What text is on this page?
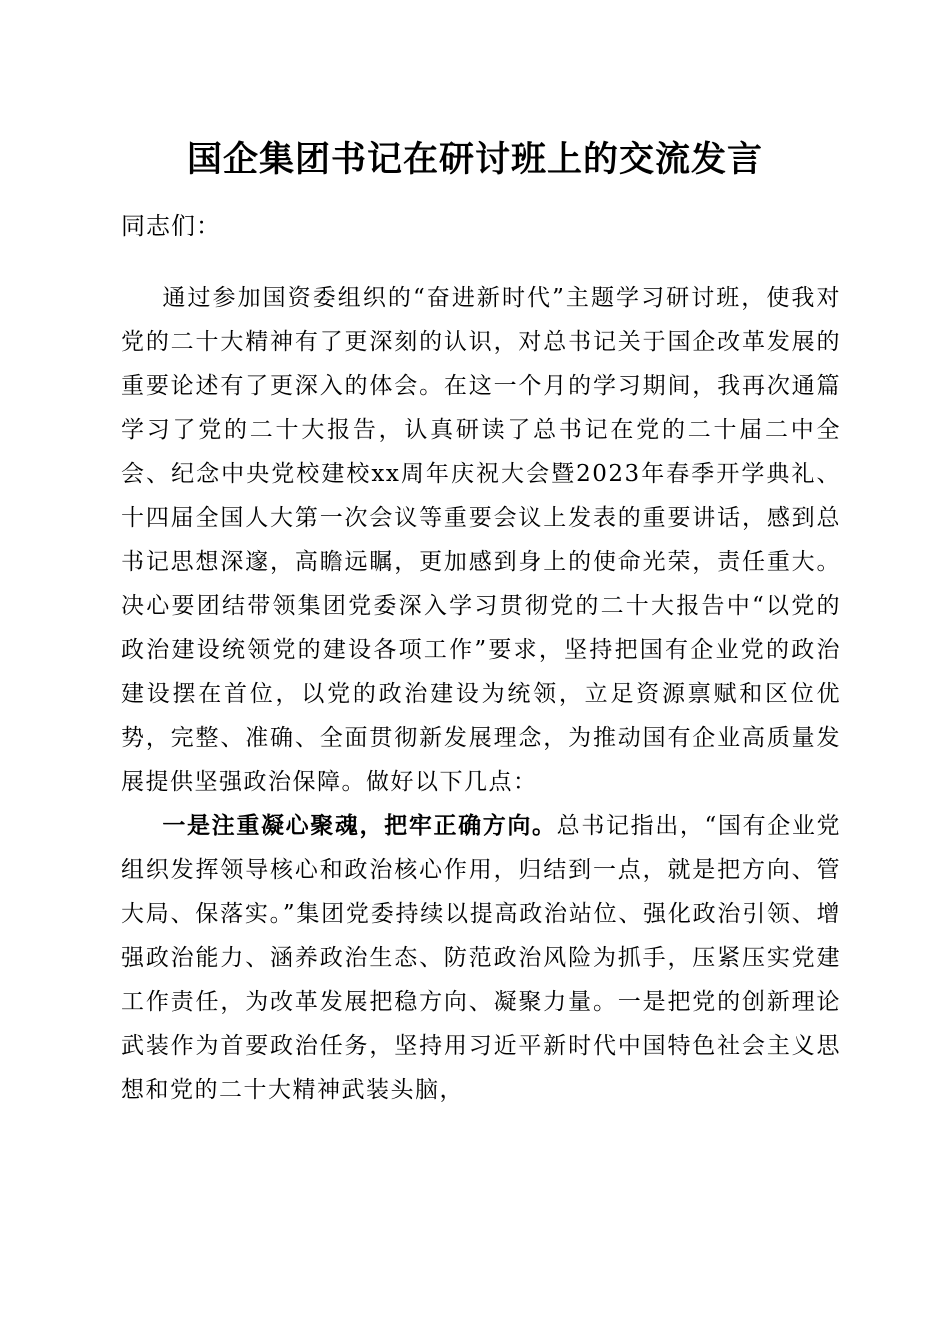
国企集团书记在研讨班上的交流发言
同志们：

通过参加国资委组织的“奋进新时代”主题学习研讨班，使我对党的二十大精神有了更深刻的认识，对总书记关于国企改革发展的重要论述有了更深入的体会。在这一个月的学习期间，我再次通篇学习了党的二十大报告，认真研读了总书记在党的二十届二中全会、纪念中央党校建校xx周年庆祝大会暨2023年春季开学典礼、十四届全国人大第一次会议等重要会议上发表的重要讲话，感到总书记思想深邃，高瞻远瞩，更加感到身上的使命光荣，责任重大。决心要团结带领集团党委深入学习贯彻党的二十大报告中“以党的政治建设统领党的建设各项工作”要求，坚持把国有企业党的政治建设摆在首位，以党的政治建设为统领，立足资源禀赋和区位优势，完整、准确、全面贯彻新发展理念，为推动国有企业高质量发展提供坚强政治保障。做好以下几点：

一是注重凝心聚魂，把牢正确方向。总书记指出，“国有企业党组织发挥领导核心和政治核心作用，归结到一点，就是把方向、管大局、保落实。”集团党委持续以提高政治站位、强化政治引领、增强政治能力、涵养政治生态、防范政治风险为抓手，压紧压实党建工作责任，为改革发展把稳方向、凝聚力量。一是把党的创新理论武装作为首要政治任务，坚持用习近平新时代中国特色社会主义思想和党的二十大精神武装头脑，
